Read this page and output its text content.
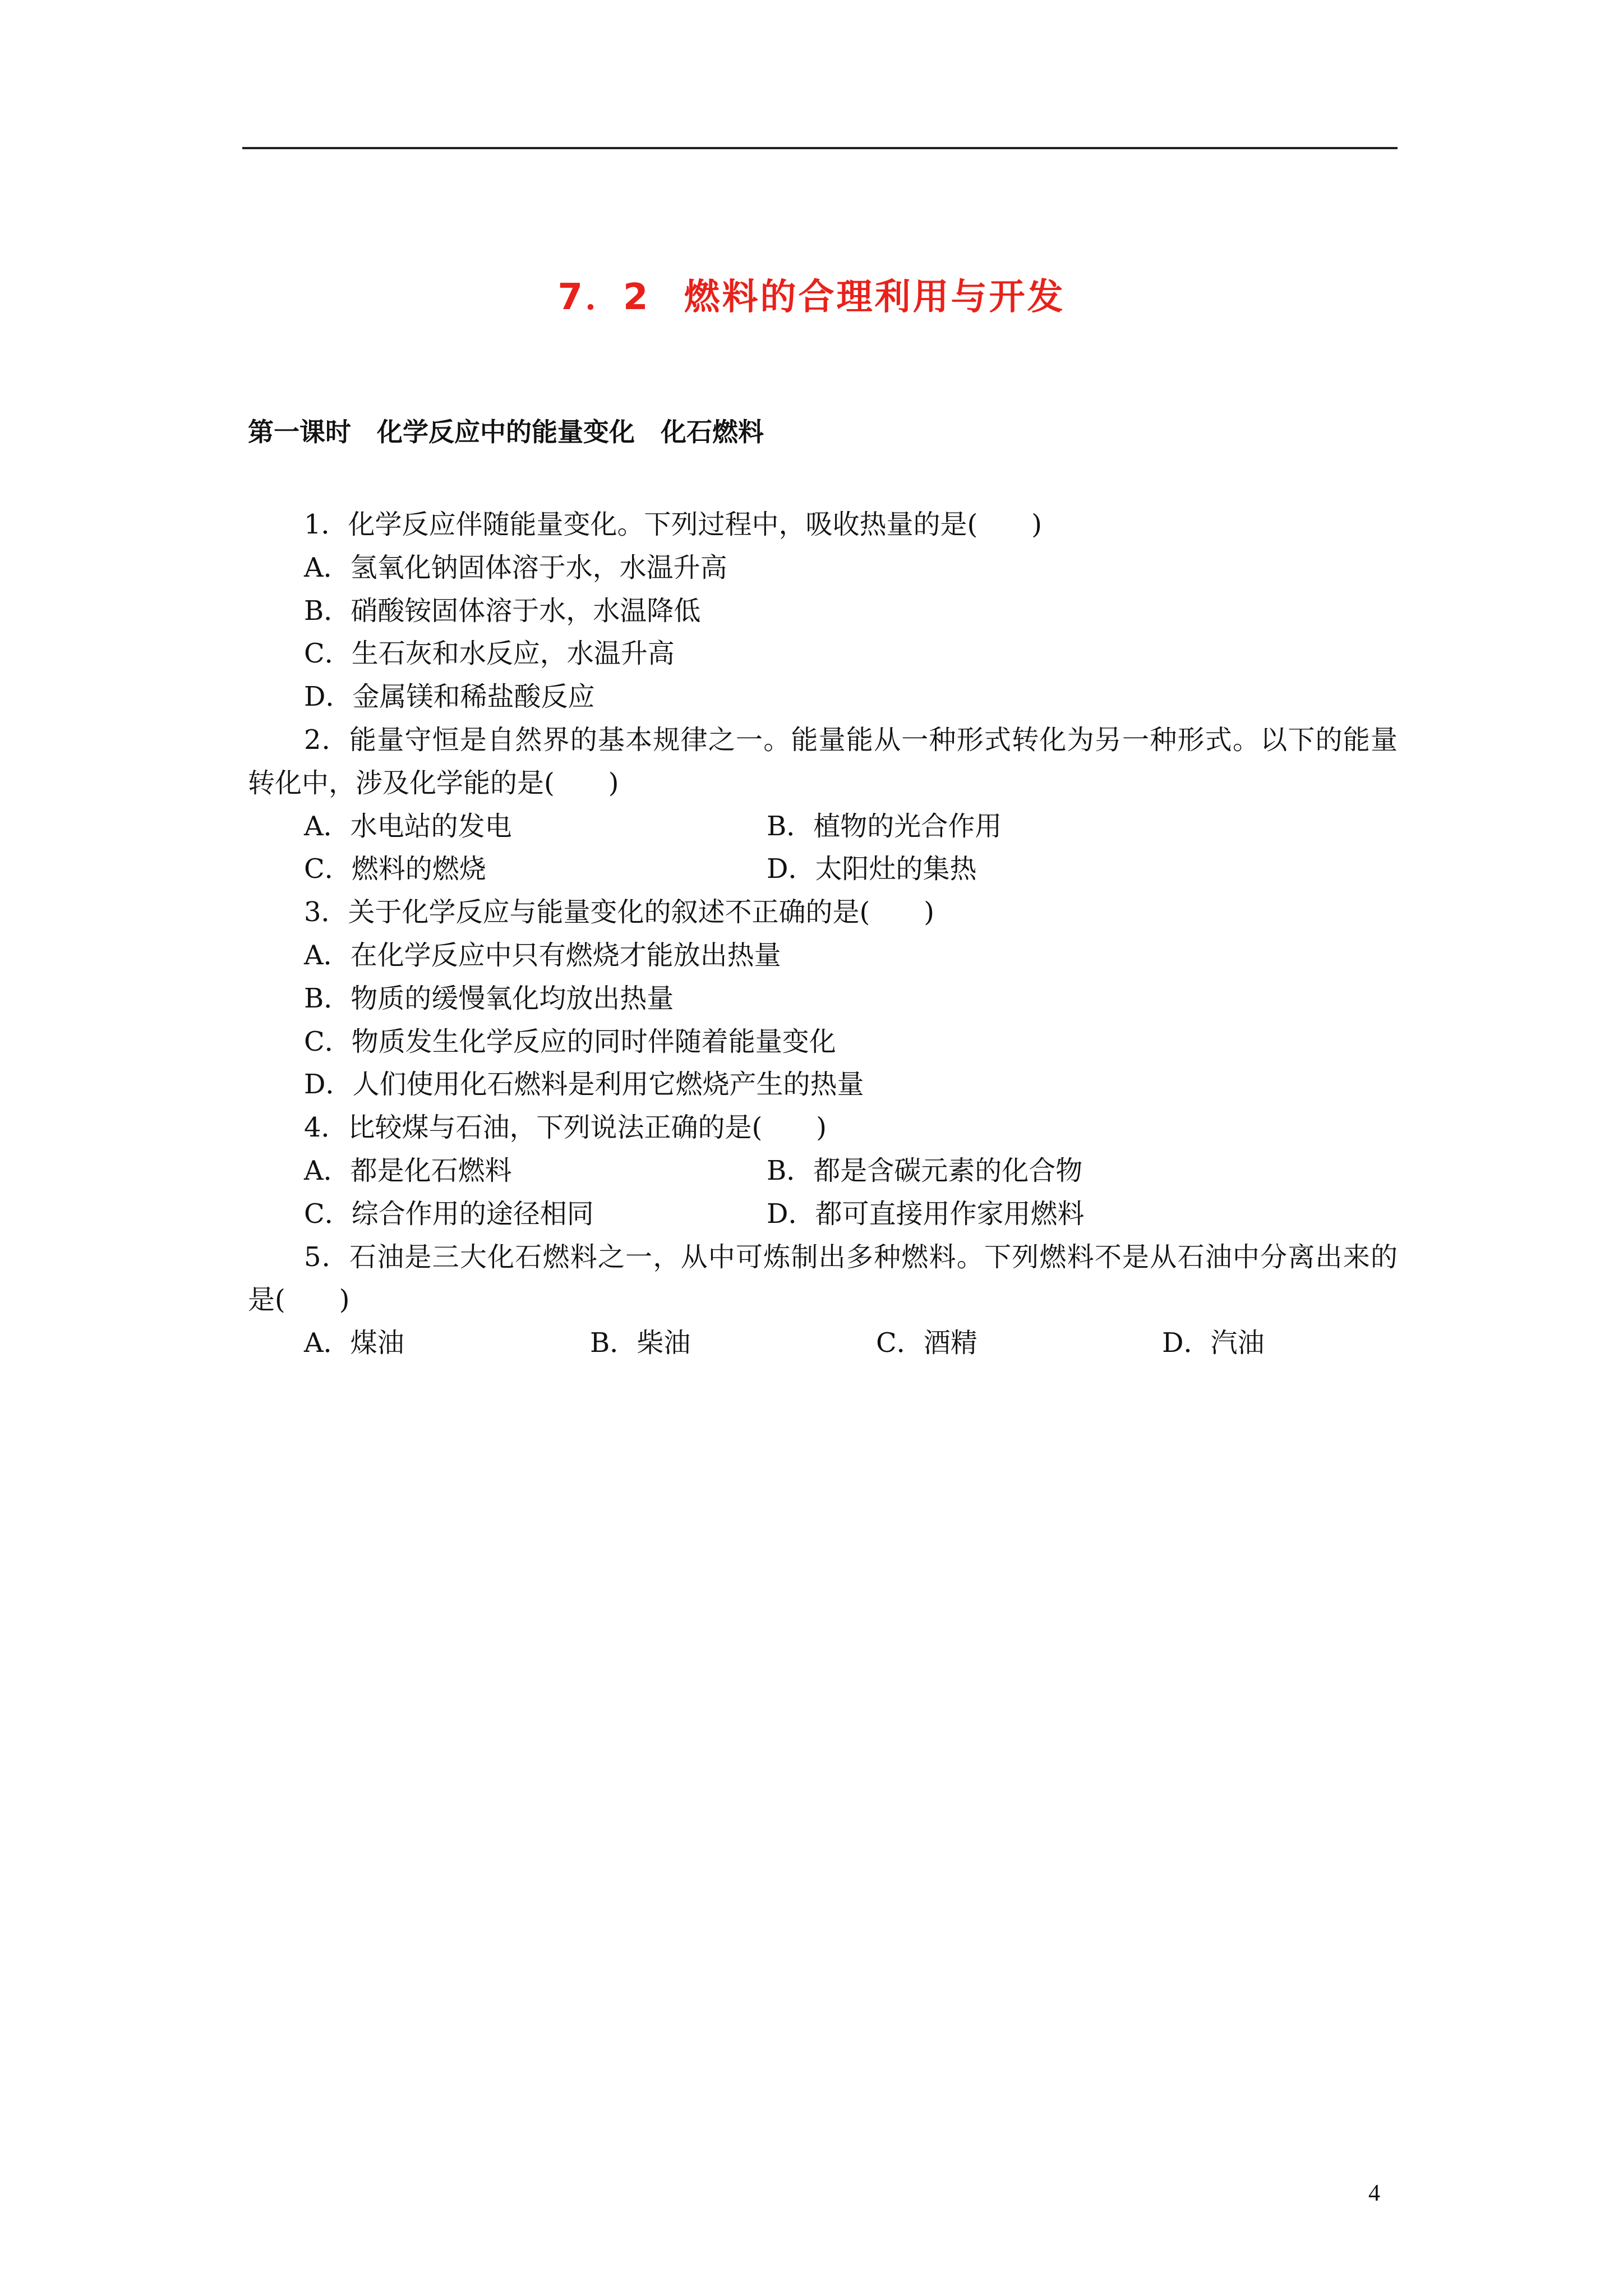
7．2 燃料的合理利用与开发
第一课时　化学反应中的能量变化　化石燃料
1．化学反应伴随能量变化。下列过程中，吸收热量的是(　　)
A．氢氧化钠固体溶于水，水温升高
B．硝酸铵固体溶于水，水温降低
C．生石灰和水反应，水温升高
D．金属镁和稀盐酸反应
2．能量守恒是自然界的基本规律之一。能量能从一种形式转化为另一种形式。以下的能量转化中，涉及化学能的是(　　)
A．水电站的发电	B．植物的光合作用
C．燃料的燃烧	D．太阳灶的集热
3．关于化学反应与能量变化的叙述不正确的是(　　)
A．在化学反应中只有燃烧才能放出热量
B．物质的缓慢氧化均放出热量
C．物质发生化学反应的同时伴随着能量变化
D．人们使用化石燃料是利用它燃烧产生的热量
4．比较煤与石油，下列说法正确的是(　　)
A．都是化石燃料	B．都是含碳元素的化合物
C．综合作用的途径相同	D．都可直接用作家用燃料
5．石油是三大化石燃料之一，从中可炼制出多种燃料。下列燃料不是从石油中分离出来的是(　　)
A．煤油	B．柴油	C．酒精	D．汽油
4
